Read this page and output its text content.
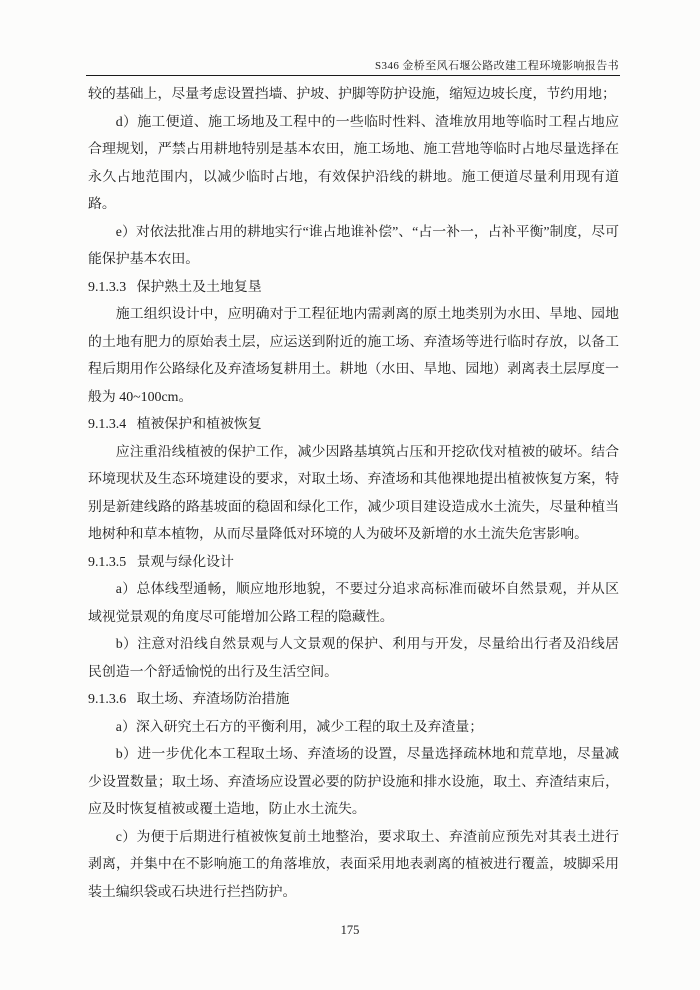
S346 金桥至风石堰公路改建工程环境影响报告书

较的基础上，尽量考虑设置挡墙、护坡、护脚等防护设施，缩短边坡长度，节约用地；

d）施工便道、施工场地及工程中的一些临时性料、渣堆放用地等临时工程占地应合理规划，严禁占用耕地特别是基本农田，施工场地、施工营地等临时占地尽量选择在永久占地范围内，以减少临时占地，有效保护沿线的耕地。施工便道尽量利用现有道路。

e）对依法批准占用的耕地实行“谁占地谁补偿”、“占一补一，占补平衡”制度，尽可能保护基本农田。

9.1.3.3 保护熟土及土地复垦

施工组织设计中，应明确对于工程征地内需剥离的原土地类别为水田、旱地、园地的土地有肥力的原始表土层，应运送到附近的施工场、弃渣场等进行临时存放，以备工程后期用作公路绿化及弃渣场复耕用土。耕地（水田、旱地、园地）剥离表土层厚度一般为 40~100cm。

9.1.3.4 植被保护和植被恢复

应注重沿线植被的保护工作，减少因路基填筑占压和开挖砍伐对植被的破坏。结合环境现状及生态环境建设的要求，对取土场、弃渣场和其他裸地提出植被恢复方案，特别是新建线路的路基坡面的稳固和绿化工作，减少项目建设造成水土流失，尽量种植当地树种和草本植物，从而尽量降低对环境的人为破坏及新增的水土流失危害影响。

9.1.3.5 景观与绿化设计

a）总体线型通畅，顺应地形地貌，不要过分追求高标准而破坏自然景观，并从区域视觉景观的角度尽可能增加公路工程的隐藏性。

b）注意对沿线自然景观与人文景观的保护、利用与开发，尽量给出行者及沿线居民创造一个舒适愉悦的出行及生活空间。

9.1.3.6 取土场、弃渣场防治措施

a）深入研究土石方的平衡利用，减少工程的取土及弃渣量；

b）进一步优化本工程取土场、弃渣场的设置，尽量选择疏林地和荒草地，尽量减少设置数量；取土场、弃渣场应设置必要的防护设施和排水设施，取土、弃渣结束后，应及时恢复植被或覆土造地，防止水土流失。

c）为便于后期进行植被恢复前土地整治，要求取土、弃渣前应预先对其表土进行剥离，并集中在不影响施工的角落堆放，表面采用地表剥离的植被进行覆盖，坡脚采用装土编织袋或石块进行拦挡防护。

175
